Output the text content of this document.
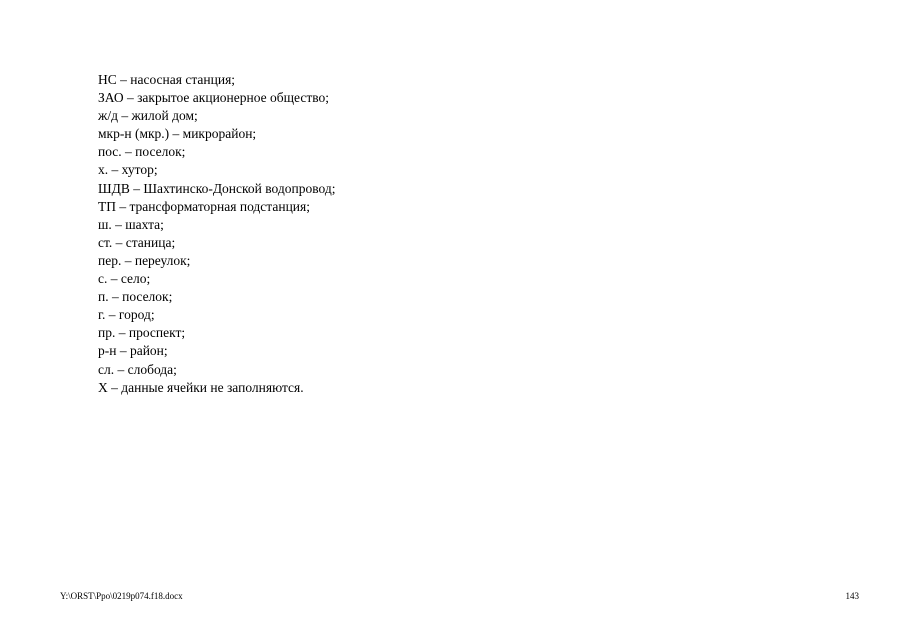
НС – насосная станция;
ЗАО – закрытое акционерное общество;
ж/д – жилой дом;
мкр-н (мкр.) – микрорайон;
пос. – поселок;
х. – хутор;
ШДВ – Шахтинско-Донской водопровод;
ТП – трансформаторная подстанция;
ш. – шахта;
ст. – станица;
пер. – переулок;
с. – село;
п. – поселок;
г. – город;
пр. – проспект;
р-н – район;
сл. – слобода;
Х – данные ячейки не заполняются.
Y:\ORST\Ppo\0219p074.f18.docx	143
